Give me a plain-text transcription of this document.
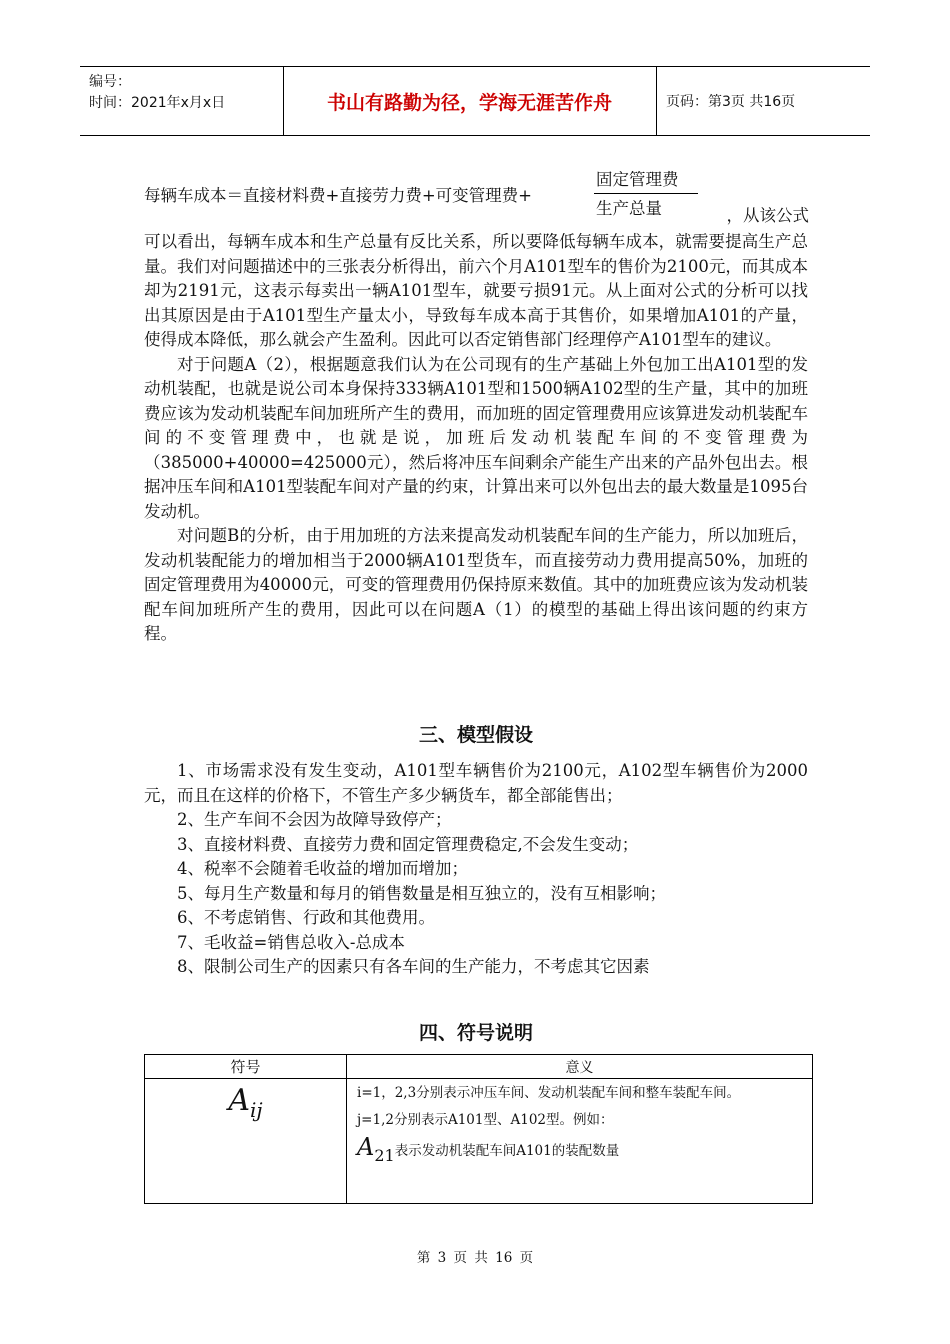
编号：
时间：2021年x月x日	书山有路勤为径，学海无涯苦作舟	页码：第3页 共16页
每辆车成本＝直接材料费+直接劳力费+可变管理费+
固定管理费
生产总量	，从该公式

可以看出，每辆车成本和生产总量有反比关系，所以要降低每辆车成本，就需要提高生产总量。我们对问题描述中的三张表分析得出，前六个月A101型车的售价为2100元，而其成本却为2191元，这表示每卖出一辆A101型车，就要亏损91元。从上面对公式的分析可以找出其原因是由于A101型生产量太小，导致每车成本高于其售价，如果增加A101的产量，使得成本降低，那么就会产生盈利。因此可以否定销售部门经理停产A101型车的建议。

对于问题A（2），根据题意我们认为在公司现有的生产基础上外包加工出A101型的发动机装配，也就是说公司本身保持333辆A101型和1500辆A102型的生产量，其中的加班费应该为发动机装配车间加班所产生的费用，而加班的固定管理费用应该算进发动机装配车间的不变管理费中，也就是说，加班后发动机装配车间的不变管理费为（385000+40000=425000元），然后将冲压车间剩余产能生产出来的产品外包出去。根据冲压车间和A101型装配车间对产量的约束，计算出来可以外包出去的最大数量是1095台发动机。

对问题B的分析，由于用加班的方法来提高发动机装配车间的生产能力，所以加班后，发动机装配能力的增加相当于2000辆A101型货车，而直接劳动力费用提高50%，加班的固定管理费用为40000元，可变的管理费用仍保持原来数值。其中的加班费应该为发动机装配车间加班所产生的费用，因此可以在问题A（1）的模型的基础上得出该问题的约束方程。

三、模型假设

1、市场需求没有发生变动，A101型车辆售价为2100元，A102型车辆售价为2000元，而且在这样的价格下，不管生产多少辆货车，都全部能售出；

2、生产车间不会因为故障导致停产；

3、直接材料费、直接劳力费和固定管理费稳定,不会发生变动；

4、税率不会随着毛收益的增加而增加；

5、每月生产数量和每月的销售数量是相互独立的，没有互相影响；

6、不考虑销售、行政和其他费用。

7、毛收益=销售总收入-总成本

8、限制公司生产的因素只有各车间的生产能力，不考虑其它因素

四、符号说明
符号	意义
$A_{ij}$	i=1，2,3分别表示冲压车间、发动机装配车间和整车装配车间。

j=1,2分别表示A101型、A102型。例如：

$A_{21}$表示发动机装配车间A101的装配数量

第 3 页 共 16 页
